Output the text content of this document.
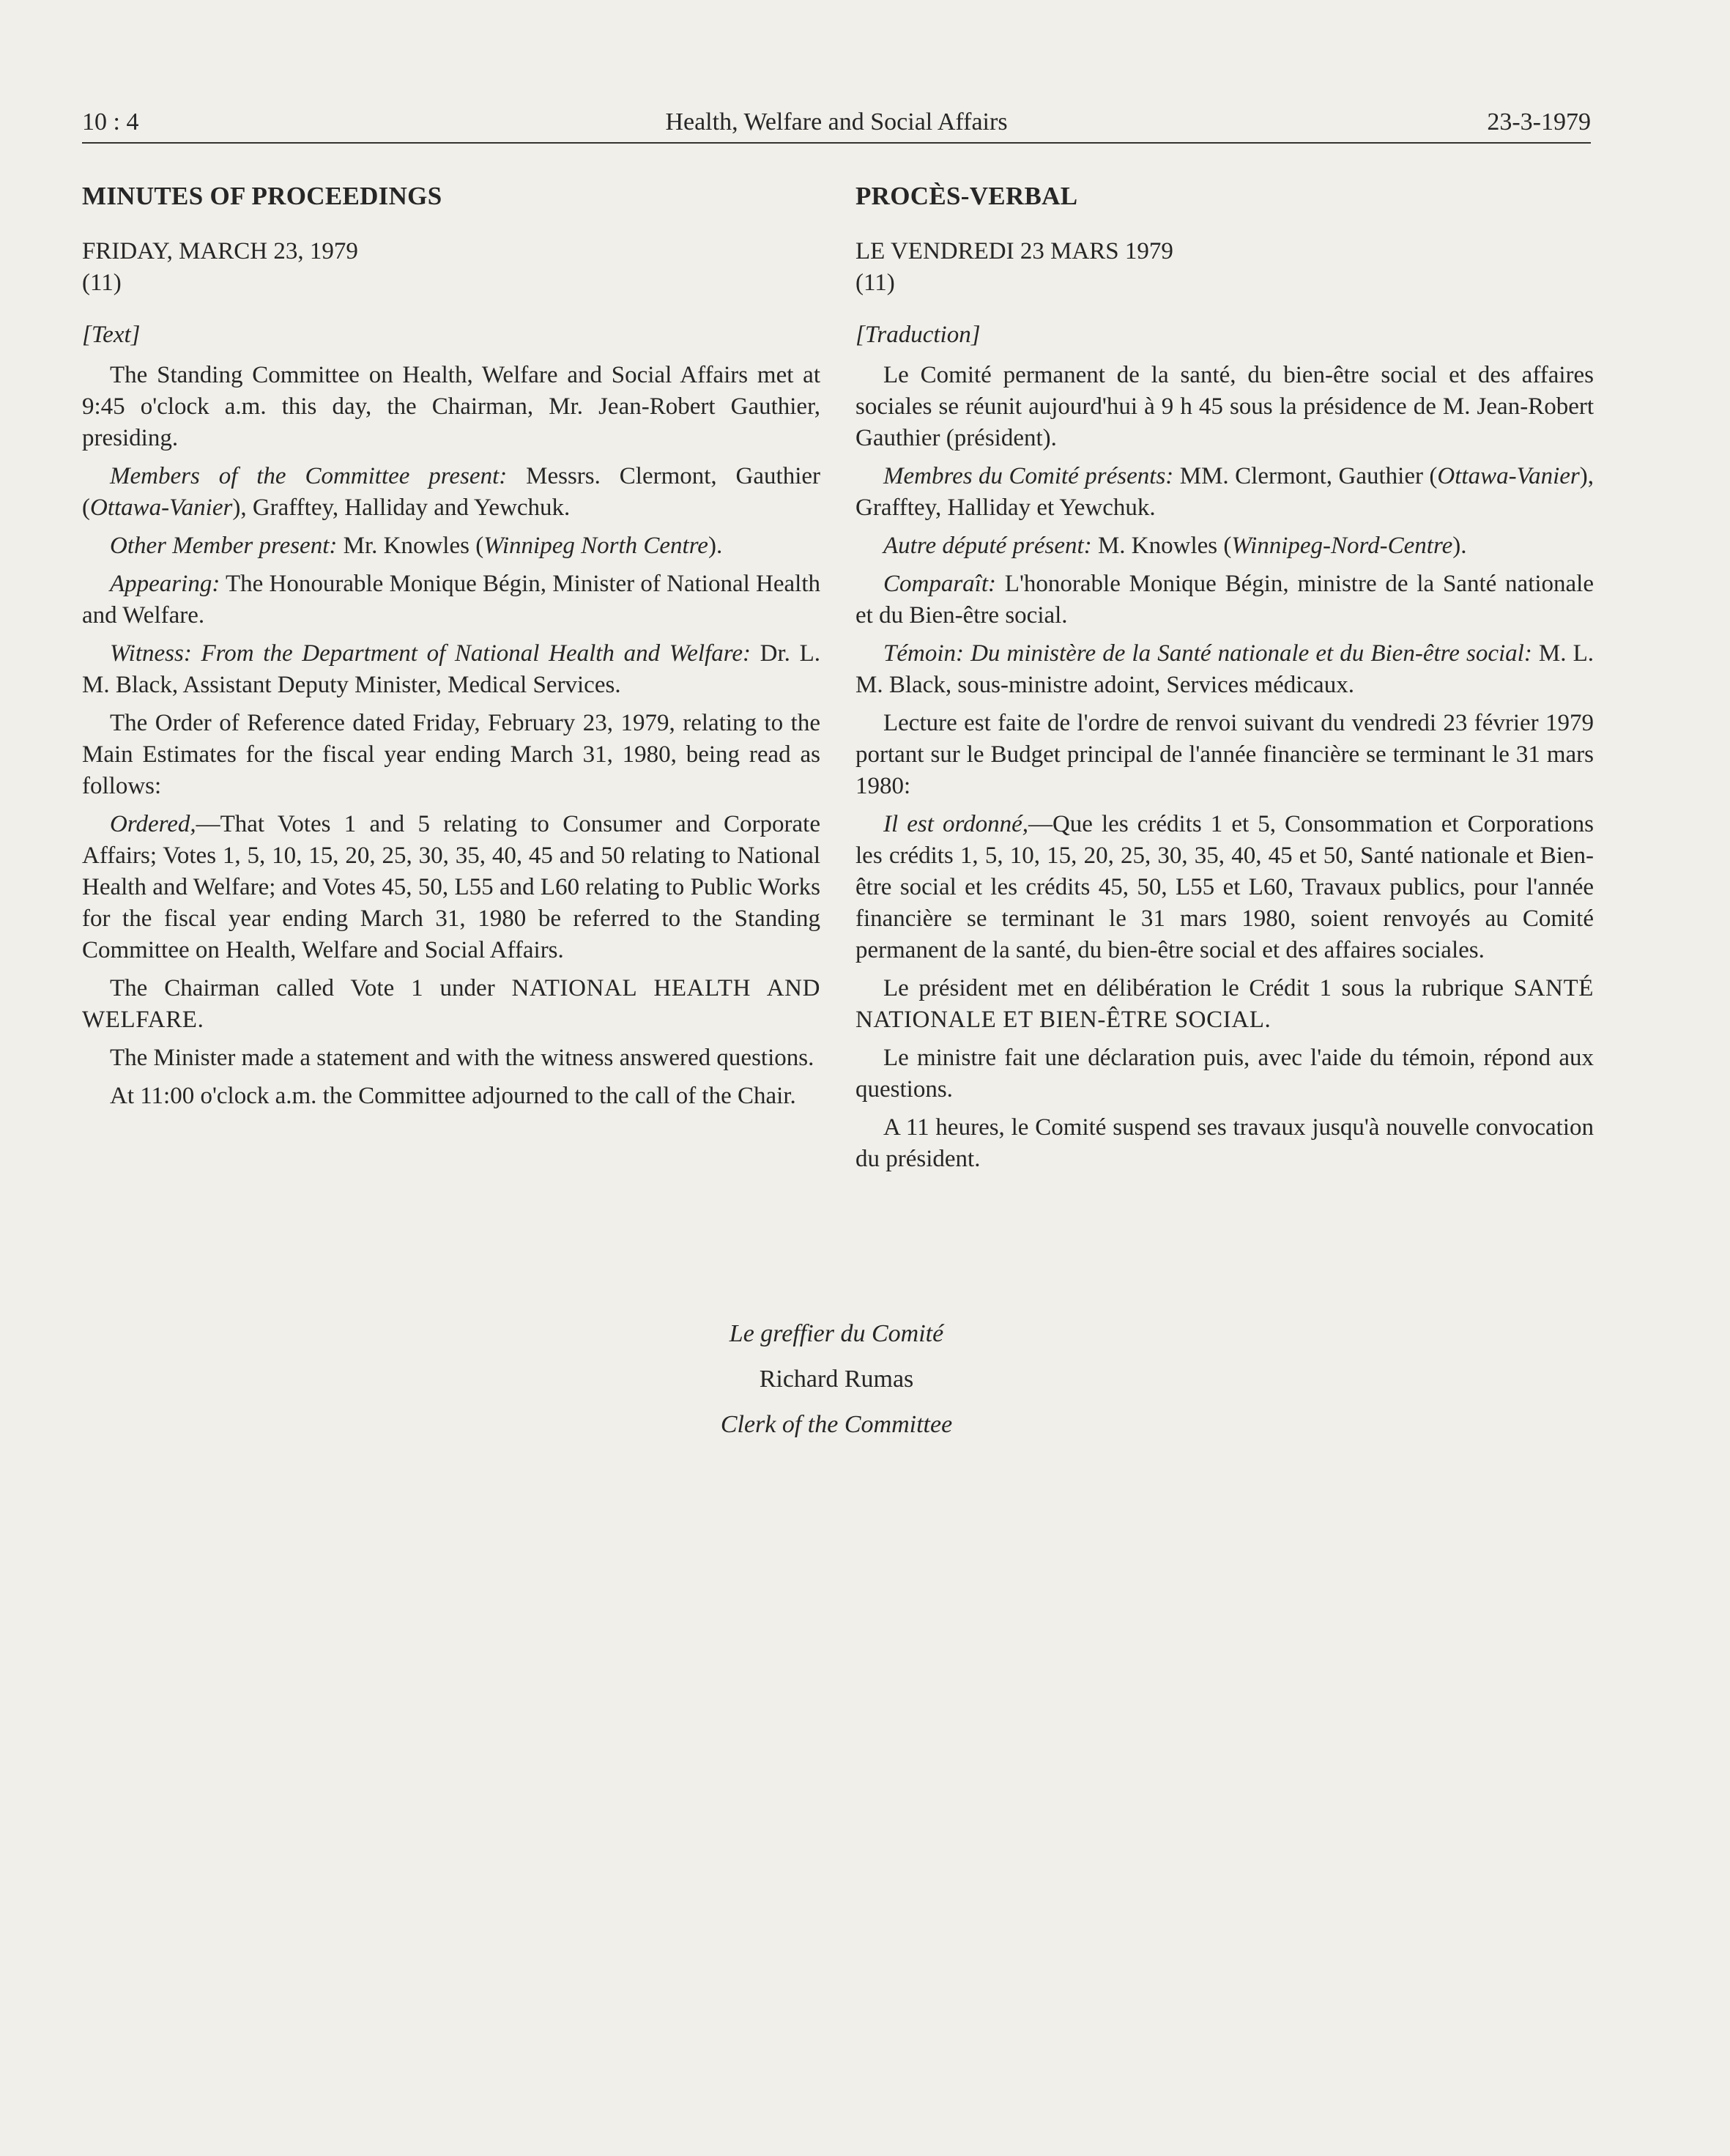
10 : 4	Health, Welfare and Social Affairs	23-3-1979
MINUTES OF PROCEEDINGS
FRIDAY, MARCH 23, 1979
(11)
[Text]

The Standing Committee on Health, Welfare and Social Affairs met at 9:45 o'clock a.m. this day, the Chairman, Mr. Jean-Robert Gauthier, presiding.

Members of the Committee present: Messrs. Clermont, Gauthier (Ottawa-Vanier), Grafftey, Halliday and Yewchuk.

Other Member present: Mr. Knowles (Winnipeg North Centre).

Appearing: The Honourable Monique Bégin, Minister of National Health and Welfare.

Witness: From the Department of National Health and Welfare: Dr. L. M. Black, Assistant Deputy Minister, Medical Services.

The Order of Reference dated Friday, February 23, 1979, relating to the Main Estimates for the fiscal year ending March 31, 1980, being read as follows:

Ordered,—That Votes 1 and 5 relating to Consumer and Corporate Affairs; Votes 1, 5, 10, 15, 20, 25, 30, 35, 40, 45 and 50 relating to National Health and Welfare; and Votes 45, 50, L55 and L60 relating to Public Works for the fiscal year ending March 31, 1980 be referred to the Standing Committee on Health, Welfare and Social Affairs.

The Chairman called Vote 1 under NATIONAL HEALTH AND WELFARE.

The Minister made a statement and with the witness answered questions.

At 11:00 o'clock a.m. the Committee adjourned to the call of the Chair.

PROCÈS-VERBAL
LE VENDREDI 23 MARS 1979
(11)
[Traduction]

Le Comité permanent de la santé, du bien-être social et des affaires sociales se réunit aujourd'hui à 9 h 45 sous la présidence de M. Jean-Robert Gauthier (président).

Membres du Comité présents: MM. Clermont, Gauthier (Ottawa-Vanier), Grafftey, Halliday et Yewchuk.

Autre député présent: M. Knowles (Winnipeg-Nord-Centre).

Comparaît: L'honorable Monique Bégin, ministre de la Santé nationale et du Bien-être social.

Témoin: Du ministère de la Santé nationale et du Bien-être social: M. L. M. Black, sous-ministre adoint, Services médicaux.

Lecture est faite de l'ordre de renvoi suivant du vendredi 23 février 1979 portant sur le Budget principal de l'année financière se terminant le 31 mars 1980:

Il est ordonné,—Que les crédits 1 et 5, Consommation et Corporations les crédits 1, 5, 10, 15, 20, 25, 30, 35, 40, 45 et 50, Santé nationale et Bien-être social et les crédits 45, 50, L55 et L60, Travaux publics, pour l'année financière se terminant le 31 mars 1980, soient renvoyés au Comité permanent de la santé, du bien-être social et des affaires sociales.

Le président met en délibération le Crédit 1 sous la rubrique SANTÉ NATIONALE ET BIEN-ÊTRE SOCIAL.

Le ministre fait une déclaration puis, avec l'aide du témoin, répond aux questions.

A 11 heures, le Comité suspend ses travaux jusqu'à nouvelle convocation du président.

Le greffier du Comité
Richard Rumas
Clerk of the Committee
